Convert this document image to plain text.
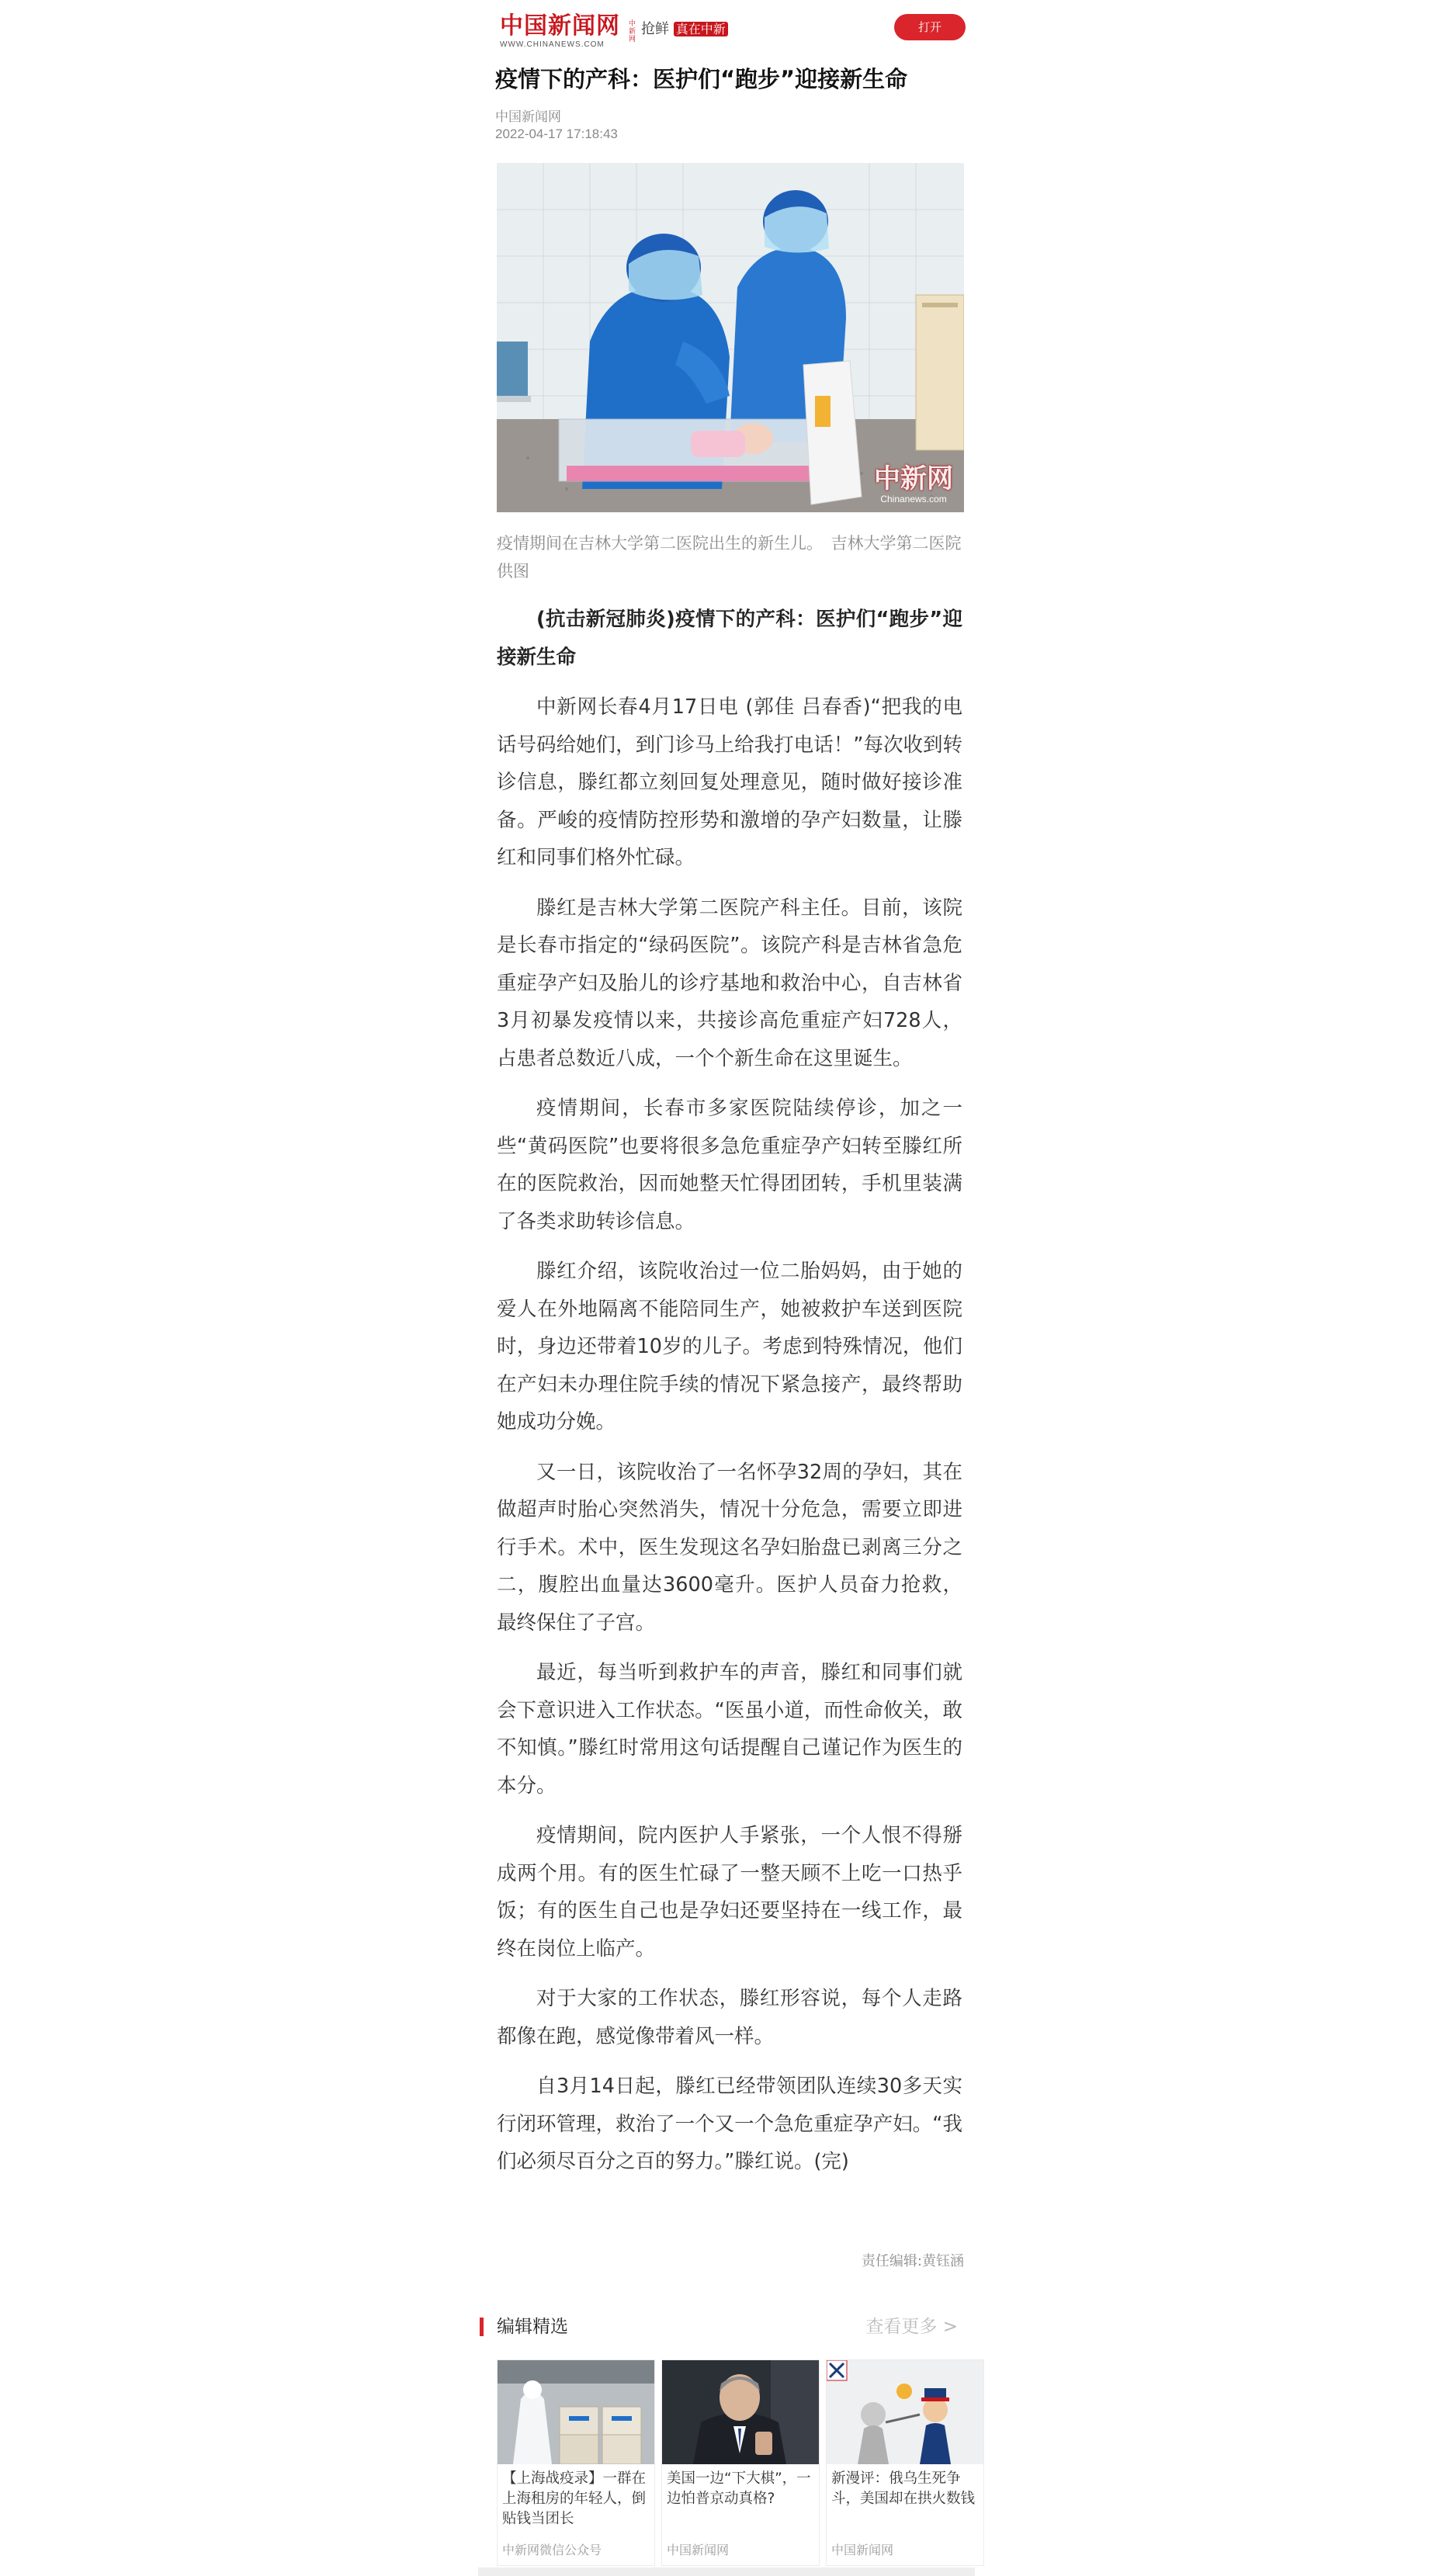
中国新闻网
WWW.CHINANEWS.COM
中新网
抢鲜 真在中新	打开
疫情下的产科：医护们“跑步”迎接新生命
中国新闻网
2022-04-17 17:18:43
中新网
Chinanews.com
疫情期间在吉林大学第二医院出生的新生儿。　吉林大学第二医院供图

(抗击新冠肺炎)疫情下的产科：医护们“跑步”迎接新生命

中新网长春4月17日电 (郭佳 吕春香)“把我的电话号码给她们，到门诊马上给我打电话！”每次收到转诊信息，滕红都立刻回复处理意见，随时做好接诊准备。严峻的疫情防控形势和激增的孕产妇数量，让滕红和同事们格外忙碌。

滕红是吉林大学第二医院产科主任。目前，该院是长春市指定的“绿码医院”。该院产科是吉林省急危重症孕产妇及胎儿的诊疗基地和救治中心，自吉林省3月初暴发疫情以来，共接诊高危重症产妇728人，占患者总数近八成，一个个新生命在这里诞生。

疫情期间，长春市多家医院陆续停诊，加之一些“黄码医院”也要将很多急危重症孕产妇转至滕红所在的医院救治，因而她整天忙得团团转，手机里装满了各类求助转诊信息。

滕红介绍，该院收治过一位二胎妈妈，由于她的爱人在外地隔离不能陪同生产，她被救护车送到医院时，身边还带着10岁的儿子。考虑到特殊情况，他们在产妇未办理住院手续的情况下紧急接产，最终帮助她成功分娩。

又一日，该院收治了一名怀孕32周的孕妇，其在做超声时胎心突然消失，情况十分危急，需要立即进行手术。术中，医生发现这名孕妇胎盘已剥离三分之二，腹腔出血量达3600毫升。医护人员奋力抢救，最终保住了子宫。

最近，每当听到救护车的声音，滕红和同事们就会下意识进入工作状态。“医虽小道，而性命攸关，敢不知慎。”滕红时常用这句话提醒自己谨记作为医生的本分。

疫情期间，院内医护人手紧张，一个人恨不得掰成两个用。有的医生忙碌了一整天顾不上吃一口热乎饭；有的医生自己也是孕妇还要坚持在一线工作，最终在岗位上临产。

对于大家的工作状态，滕红形容说，每个人走路都像在跑，感觉像带着风一样。

自3月14日起，滕红已经带领团队连续30多天实行闭环管理，救治了一个又一个急危重症孕产妇。“我们必须尽百分之百的努力。”滕红说。(完)

责任编辑:黄钰涵
编辑精选	查看更多 >
【上海战疫录】一群在上海租房的年轻人，倒贴钱当团长
中新网微信公众号
美国一边“下大棋”，一边怕普京动真格?
中国新闻网
新漫评：俄乌生死争斗，美国却在拱火数钱
中国新闻网
